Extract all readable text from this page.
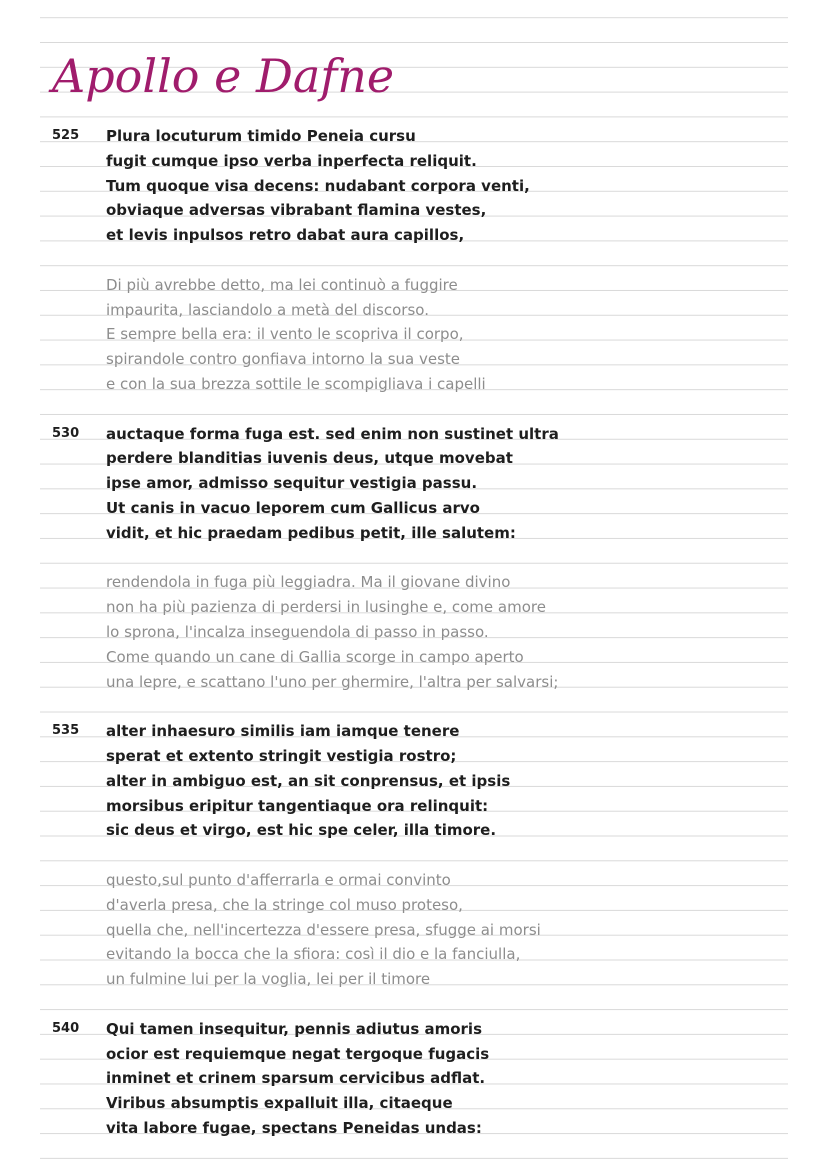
Apollo e Dafne
525 Plura locuturum timido Peneia cursu
fugit cumque ipso verba inperfecta reliquit.
Tum quoque visa decens: nudabant corpora venti,
obviaque adversas vibrabant flamina vestes,
et levis inpulsos retro dabat aura capillos,
Di più avrebbe detto, ma lei continuò a fuggire
impaurita, lasciandolo a metà del discorso.
E sempre bella era: il vento le scopriva il corpo,
spirandole contro gonfiava intorno la sua veste
e con la sua brezza sottile le scompigliava i capelli
530 auctaque forma fuga est. sed enim non sustinet ultra
perdere blanditias iuvenis deus, utque movebat
ipse amor, admisso sequitur vestigia passu.
Ut canis in vacuo leporem cum Gallicus arvo
vidit, et hic praedam pedibus petit, ille salutem:
rendendola in fuga più leggiadra. Ma il giovane divino
non ha più pazienza di perdersi in lusinghe e, come amore
lo sprona, l'incalza inseguendola di passo in passo.
Come quando un cane di Gallia scorge in campo aperto
una lepre, e scattano l'uno per ghermire, l'altra per salvarsi;
535 alter inhaesuro similis iam iamque tenere
sperat et extento stringit vestigia rostro;
alter in ambiguo est, an sit conprensus, et ipsis
morsibus eripitur tangentiaque ora relinquit:
sic deus et virgo, est hic spe celer, illa timore.
questo,sul punto d'afferrarla e ormai convinto
d'averla presa, che la stringe col muso proteso,
quella che, nell'incertezza d'essere presa, sfugge ai morsi
evitando la bocca che la sfiora: così il dio e la fanciulla,
un fulmine lui per la voglia, lei per il timore
540 Qui tamen insequitur, pennis adiutus amoris
ocior est requiemque negat tergoque fugacis
inminet et crinem sparsum cervicibus adflat.
Viribus absumptis expalluit illa, citaeque
vita labore fugae, spectans Peneidas undas:
